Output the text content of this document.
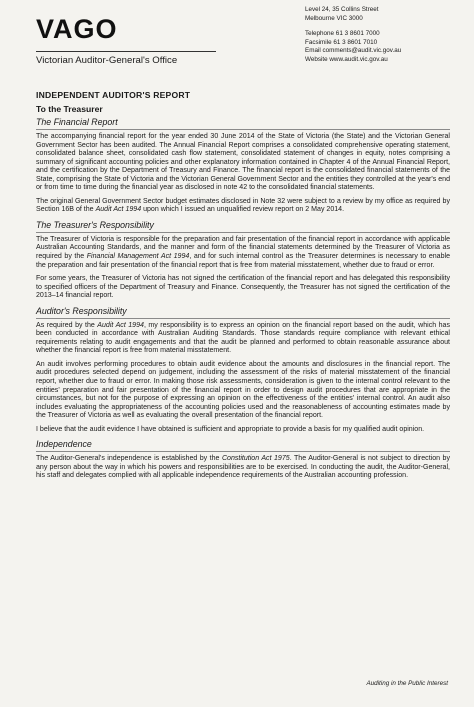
VAGO
Victorian Auditor-General's Office
Level 24, 35 Collins Street
Melbourne VIC 3000
Telephone 61 3 8601 7000
Facsimile 61 3 8601 7010
Email comments@audit.vic.gov.au
Website www.audit.vic.gov.au
INDEPENDENT AUDITOR'S REPORT
To the Treasurer
The Financial Report

The accompanying financial report for the year ended 30 June 2014 of the State of Victoria (the State) and the Victorian General Government Sector has been audited. The Annual Financial Report comprises a consolidated comprehensive operating statement, consolidated balance sheet, consolidated cash flow statement, consolidated statement of changes in equity, notes comprising a summary of significant accounting policies and other explanatory information contained in Chapter 4 of the Annual Financial Report, and the certification by the Department of Treasury and Finance. The financial report is the consolidated financial statements of the State, comprising the State of Victoria and the Victorian General Government Sector and the entities they controlled at the year's end or from time to time during the financial year as disclosed in note 42 to the consolidated financial statements.

The original General Government Sector budget estimates disclosed in Note 32 were subject to a review by my office as required by Section 16B of the Audit Act 1994 upon which I issued an unqualified review report on 2 May 2014.

The Treasurer's Responsibility

The Treasurer of Victoria is responsible for the preparation and fair presentation of the financial report in accordance with applicable Australian Accounting Standards, and the manner and form of the financial statements determined by the Treasurer of Victoria as required by the Financial Management Act 1994, and for such internal control as the Treasurer determines is necessary to enable the preparation and fair presentation of the financial report that is free from material misstatement, whether due to fraud or error.

For some years, the Treasurer of Victoria has not signed the certification of the financial report and has delegated this responsibility to specified officers of the Department of Treasury and Finance. Consequently, the Treasurer has not signed the certification of the 2013–14 financial report.

Auditor's Responsibility

As required by the Audit Act 1994, my responsibility is to express an opinion on the financial report based on the audit, which has been conducted in accordance with Australian Auditing Standards. Those standards require compliance with relevant ethical requirements relating to audit engagements and that the audit be planned and performed to obtain reasonable assurance about whether the financial report is free from material misstatement.

An audit involves performing procedures to obtain audit evidence about the amounts and disclosures in the financial report. The audit procedures selected depend on judgement, including the assessment of the risks of material misstatement of the financial report, whether due to fraud or error. In making those risk assessments, consideration is given to the internal control relevant to the entities' preparation and fair presentation of the financial report in order to design audit procedures that are appropriate in the circumstances, but not for the purpose of expressing an opinion on the effectiveness of the entities' internal control. An audit also includes evaluating the appropriateness of the accounting policies used and the reasonableness of accounting estimates made by the Treasurer of Victoria as well as evaluating the overall presentation of the financial report.

I believe that the audit evidence I have obtained is sufficient and appropriate to provide a basis for my qualified audit opinion.

Independence

The Auditor-General's independence is established by the Constitution Act 1975. The Auditor-General is not subject to direction by any person about the way in which his powers and responsibilities are to be exercised. In conducting the audit, the Auditor-General, his staff and delegates complied with all applicable independence requirements of the Australian accounting profession.

Auditing in the Public Interest
